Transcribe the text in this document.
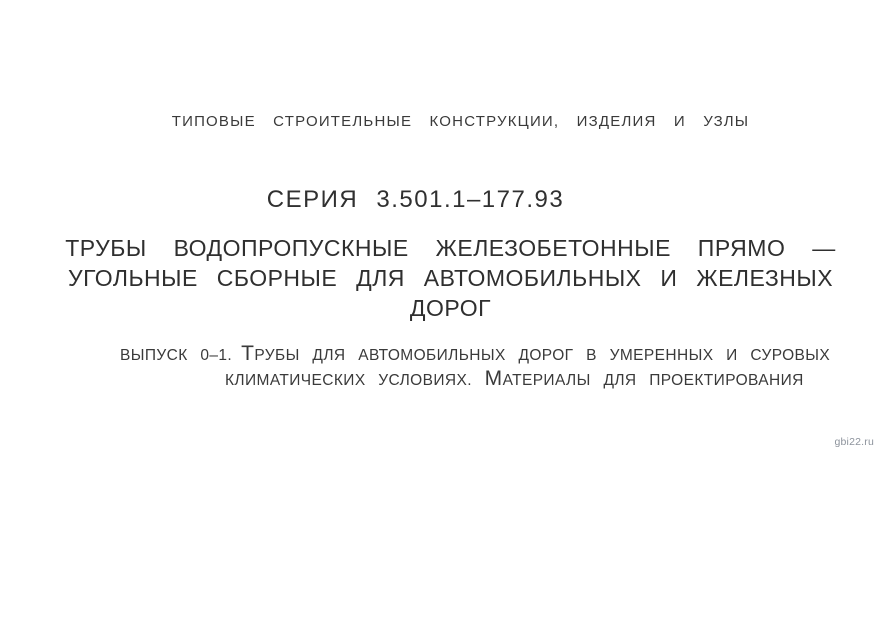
ТИПОВЫЕ СТРОИТЕЛЬНЫЕ КОНСТРУКЦИИ, ИЗДЕЛИЯ И УЗЛЫ
СЕРИЯ 3.501.1–177.93
ТРУБЫ ВОДОПРОПУСКНЫЕ ЖЕЛЕЗОБЕТОННЫЕ ПРЯМО —
УГОЛЬНЫЕ СБОРНЫЕ ДЛЯ АВТОМОБИЛЬНЫХ И ЖЕЛЕЗНЫХ
ДОРОГ
ВЫПУСК 0–1. ТРУБЫ ДЛЯ АВТОМОБИЛЬНЫХ ДОРОГ В УМЕРЕННЫХ И СУРОВЫХ
КЛИМАТИЧЕСКИХ УСЛОВИЯХ. МАТЕРИАЛЫ ДЛЯ ПРОЕКТИРОВАНИЯ
gbi22.ru
